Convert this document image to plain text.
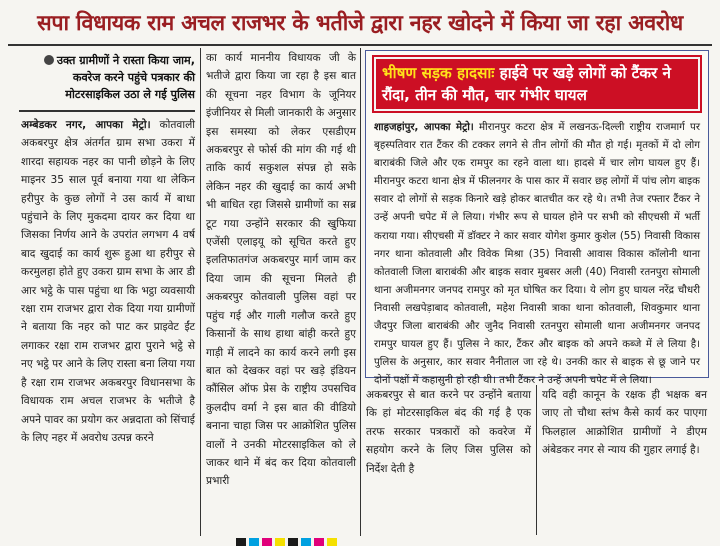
सपा विधायक राम अचल राजभर के भतीजे द्वारा नहर खोदने में किया जा रहा अवरोध
उक्त ग्रामीणों ने रास्ता किया जाम, कवरेज करने पहुंचे पत्रकार की मोटरसाइकिल उठा ले गई पुलिस

अम्बेडकर नगर, आपका मेट्रो। कोतवाली अकबरपुर क्षेत्र अंतर्गत ग्राम सभा उकरा में शारदा सहायक नहर का पानी छोड़ने के लिए माइनर 35 साल पूर्व बनाया गया था लेकिन हरीपुर के कुछ लोगों ने उस कार्य में बाधा पहुंचाने के लिए मुकदमा दायर कर दिया था जिसका निर्णय आने के उपरांत लगभग 4 वर्ष बाद खुदाई का कार्य शुरू हुआ था हरीपुर से करमुलहा होते हुए उकरा ग्राम सभा के आर डी आर भट्ठे के पास पहुंचा था कि भट्ठा व्यवसायी रक्षा राम राजभर द्वारा रोक दिया गया ग्रामीणों ने बताया कि नहर को पाट कर प्राइवेट ईंट लगाकर रक्षा राम राजभर द्वारा पुराने भट्ठे से नए भट्ठे पर आने के लिए रास्ता बना लिया गया है रक्षा राम राजभर अकबरपुर विधानसभा के विधायक राम अचल राजभर के भतीजे है अपने पावर का प्रयोग कर अन्नदाता को सिंचाई के लिए नहर में अवरोध उत्पन्न करने

का कार्य माननीय विधायक जी के भतीजे द्वारा किया जा रहा है इस बात की सूचना नहर विभाग के जूनियर इंजीनियर से मिली जानकारी के अनुसार इस समस्या को लेकर एसडीएम अकबरपुर से फोर्स की मांग की गई थी ताकि कार्य सकुशल संपन्न हो सके लेकिन नहर की खुदाई का कार्य अभी भी बाधित रहा जिससे ग्रामीणों का सब्र टूट गया उन्होंने सरकार की खुफिया एजेंसी एलाइयू को सूचित करते हुए इलतिफातगंज अकबरपुर मार्ग जाम कर दिया जाम की सूचना मिलते ही अकबरपुर कोतवाली पुलिस वहां पर पहुंच गई और गाली गलौज करते हुए किसानों के साथ हाथा बांही करते हुए गाड़ी में लादने का कार्य करने लगी इस बात को देखकर वहां पर खड़े इंडियन कौंसिल ऑफ प्रेस के राष्ट्रीय उपसचिव कुलदीप वर्मा ने इस बात की वीडियो बनाना चाहा जिस पर आक्रोशित पुलिस वालों ने उनकी मोटरसाइकिल को ले जाकर थाने में बंद कर दिया कोतवाली प्रभारी

भीषण सड़क हादसाः हाईवे पर खड़े लोगों को टैंकर ने रौंदा, तीन की मौत, चार गंभीर घायल
शाहजहांपुर, आपका मेट्रो। मीरानपुर कटरा क्षेत्र में लखनऊ-दिल्ली राष्ट्रीय राजमार्ग पर बृहस्पतिवार रात टैंकर की टक्कर लगने से तीन लोगों की मौत हो गई। मृतकों में दो लोग बाराबंकी जिले और एक रामपुर का रहने वाला था। हादसे में चार लोग घायल हुए हैं। मीरानपुर कटरा थाना क्षेत्र में फीलनगर के पास कार में सवार छह लोगों में पांच लोग बाइक सवार दो लोगों से सड़क किनारे खड़े होकर बातचीत कर रहे थे। तभी तेज रफ्तार टैंकर ने उन्हें अपनी चपेट में ले लिया। गंभीर रूप से घायल होने पर सभी को सीएचसी में भर्ती कराया गया। सीएचसी में डॉक्टर ने कार सवार योगेश कुमार कुशेल (55) निवासी विकास नगर थाना कोतवाली और विवेक मिश्रा (35) निवासी आवास विकास कॉलोनी थाना कोतवाली जिला बाराबंकी और बाइक सवार मुबसर अली (40) निवासी रतनपुरा सोमाली थाना अजीमनगर जनपद रामपुर को मृत घोषित कर दिया। ये लोग हुए घायल नरेंद्र चौधरी निवासी लखपेड़ाबाद कोतवाली, महेश निवासी त्राका थाना कोतवाली, शिवकुमार थाना जैदपुर जिला बाराबंकी और जुनैद निवासी रतनपुरा सोमाली थाना अजीमनगर जनपद रामपुर घायल हुए हैं। पुलिस ने कार, टैंकर और बाइक को अपने कब्जे में ले लिया है। पुलिस के अनुसार, कार सवार नैनीताल जा रहे थे। उनकी कार से बाइक से छू जाने पर दोनों पक्षों में कहासुनी हो रही थी। तभी टैंकर ने उन्हें अपनी चपेट में ले लिया।

अकबरपुर से बात करने पर उन्होंने बताया कि हां मोटरसाइकिल बंद की गई है एक तरफ सरकार पत्रकारों को कवरेज में सहयोग करने के लिए जिस पुलिस को निर्देश देती है

यदि वही कानून के रक्षक ही भक्षक बन जाए तो चौथा स्तंभ कैसे कार्य कर पाएगा फिलहाल आक्रोशित ग्रामीणों ने डीएम अंबेडकर नगर से न्याय की गुहार लगाई है।
